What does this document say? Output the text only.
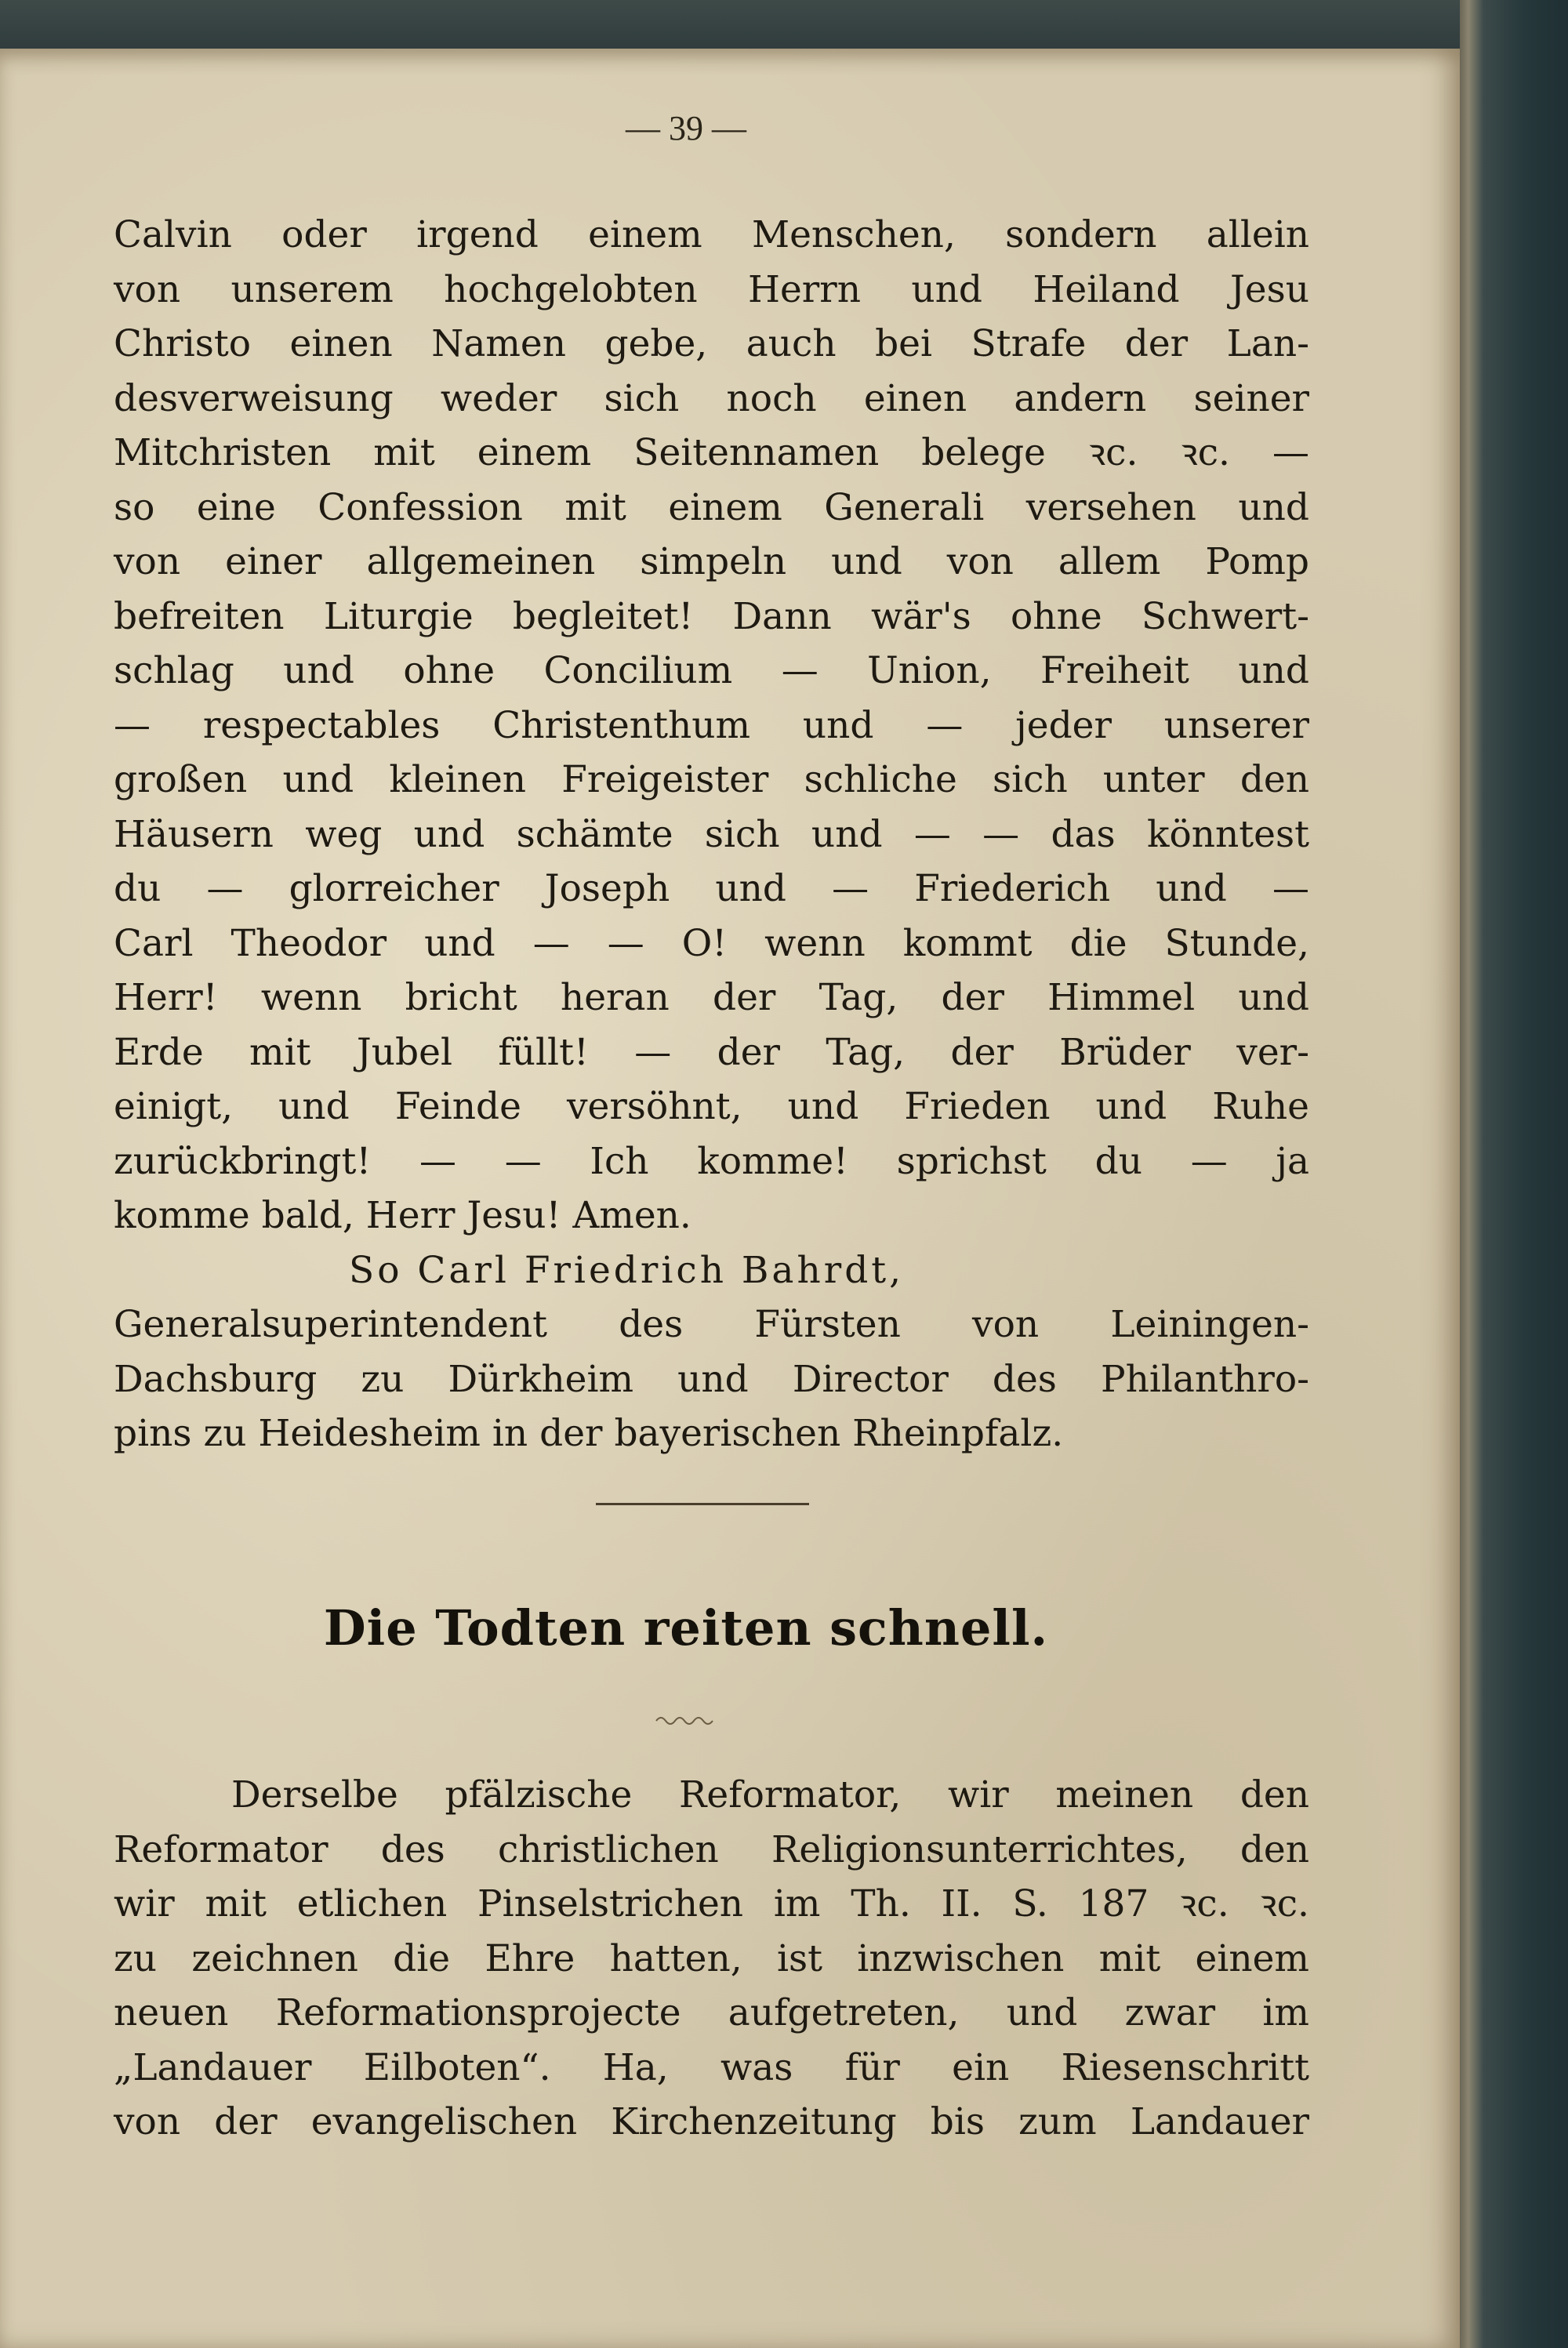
— 39 —
Calvin oder irgend einem Menschen, sondern allein
von unserem hochgelobten Herrn und Heiland Jesu
Christo einen Namen gebe, auch bei Strafe der Lan-
desverweisung weder sich noch einen andern seiner
Mitchristen mit einem Seitennamen belege ꝛc. ꝛc. —
so eine Confession mit einem Generali versehen und
von einer allgemeinen simpeln und von allem Pomp
befreiten Liturgie begleitet! Dann wär's ohne Schwert-
schlag und ohne Concilium — Union, Freiheit und
— respectables Christenthum und — jeder unserer
großen und kleinen Freigeister schliche sich unter den
Häusern weg und schämte sich und — — das könntest
du — glorreicher Joseph und — Friederich und —
Carl Theodor und — — O! wenn kommt die Stunde,
Herr! wenn bricht heran der Tag, der Himmel und
Erde mit Jubel füllt! — der Tag, der Brüder ver-
einigt, und Feinde versöhnt, und Frieden und Ruhe
zurückbringt! — — Ich komme! sprichst du — ja
komme bald, Herr Jesu! Amen.
So Carl Friedrich Bahrdt,
Generalsuperintendent des Fürsten von Leiningen-
Dachsburg zu Dürkheim und Director des Philanthro-
pins zu Heidesheim in der bayerischen Rheinpfalz.
Die Todten reiten schnell.
Derselbe pfälzische Reformator, wir meinen den
Reformator des christlichen Religionsunterrichtes, den
wir mit etlichen Pinselstrichen im Th. II. S. 187 ꝛc. ꝛc.
zu zeichnen die Ehre hatten, ist inzwischen mit einem
neuen Reformationsprojecte aufgetreten, und zwar im
„Landauer Eilboten“. Ha, was für ein Riesenschritt
von der evangelischen Kirchenzeitung bis zum Landauer
